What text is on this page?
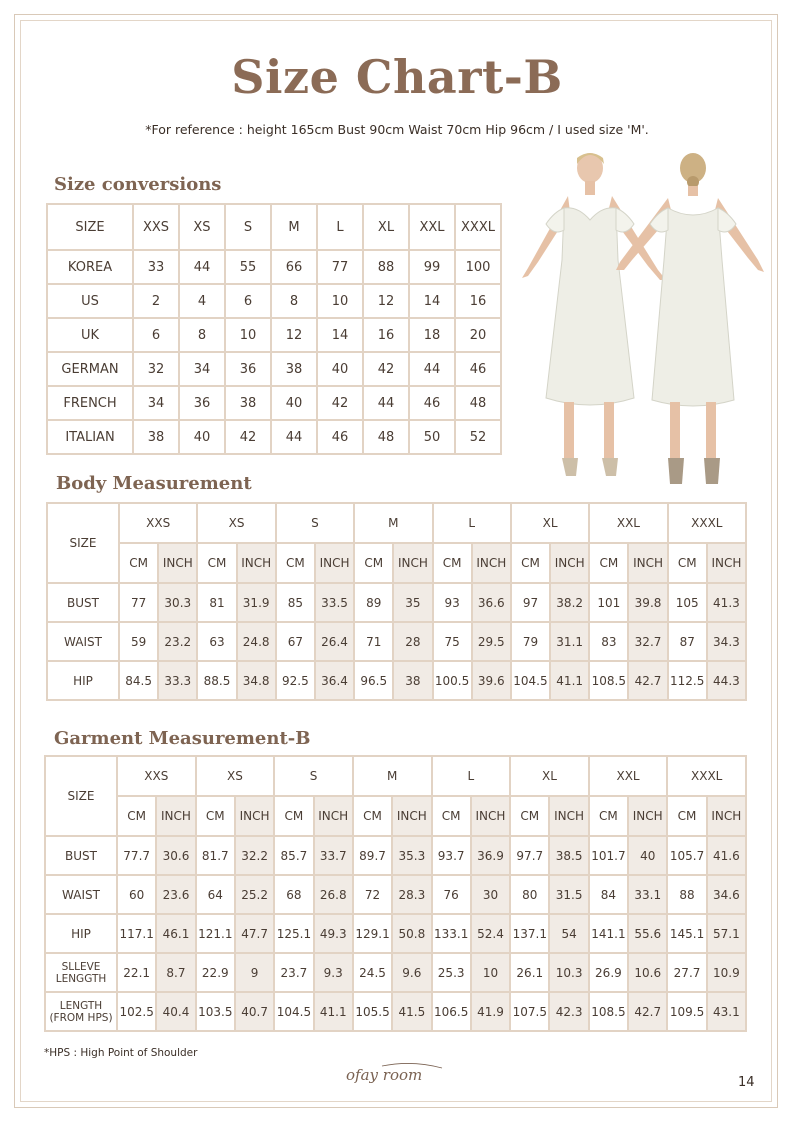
Size Chart-B
*For reference : height 165cm Bust 90cm Waist 70cm Hip 96cm / I used size 'M'.
Size conversions
SIZE	XXS	XS	S	M	L	XL	XXL	XXXL
KOREA	33	44	55	66	77	88	99	100
US	2	4	6	8	10	12	14	16
UK	6	8	10	12	14	16	18	20
GERMAN	32	34	36	38	40	42	44	46
FRENCH	34	36	38	40	42	44	46	48
ITALIAN	38	40	42	44	46	48	50	52
Body Measurement
SIZE	XXS		XS		S		M		L		XL		XXL		XXXL	
	CM	INCH	CM	INCH	CM	INCH	CM	INCH	CM	INCH	CM	INCH	CM	INCH	CM	INCH
BUST	77	30.3	81	31.9	85	33.5	89	35	93	36.6	97	38.2	101	39.8	105	41.3
WAIST	59	23.2	63	24.8	67	26.4	71	28	75	29.5	79	31.1	83	32.7	87	34.3
HIP	84.5	33.3	88.5	34.8	92.5	36.4	96.5	38	100.5	39.6	104.5	41.1	108.5	42.7	112.5	44.3
Garment Measurement-B
SIZE	XXS		XS		S		M		L		XL		XXL		XXXL	
	CM	INCH	CM	INCH	CM	INCH	CM	INCH	CM	INCH	CM	INCH	CM	INCH	CM	INCH
BUST	77.7	30.6	81.7	32.2	85.7	33.7	89.7	35.3	93.7	36.9	97.7	38.5	101.7	40	105.7	41.6
WAIST	60	23.6	64	25.2	68	26.8	72	28.3	76	30	80	31.5	84	33.1	88	34.6
HIP	117.1	46.1	121.1	47.7	125.1	49.3	129.1	50.8	133.1	52.4	137.1	54	141.1	55.6	145.1	57.1
SLLEVE LENGGTH	22.1	8.7	22.9	9	23.7	9.3	24.5	9.6	25.3	10	26.1	10.3	26.9	10.6	27.7	10.9
LENGTH (FROM HPS)	102.5	40.4	103.5	40.7	104.5	41.1	105.5	41.5	106.5	41.9	107.5	42.3	108.5	42.7	109.5	43.1
*HPS : High Point of Shoulder
ofay room	14
